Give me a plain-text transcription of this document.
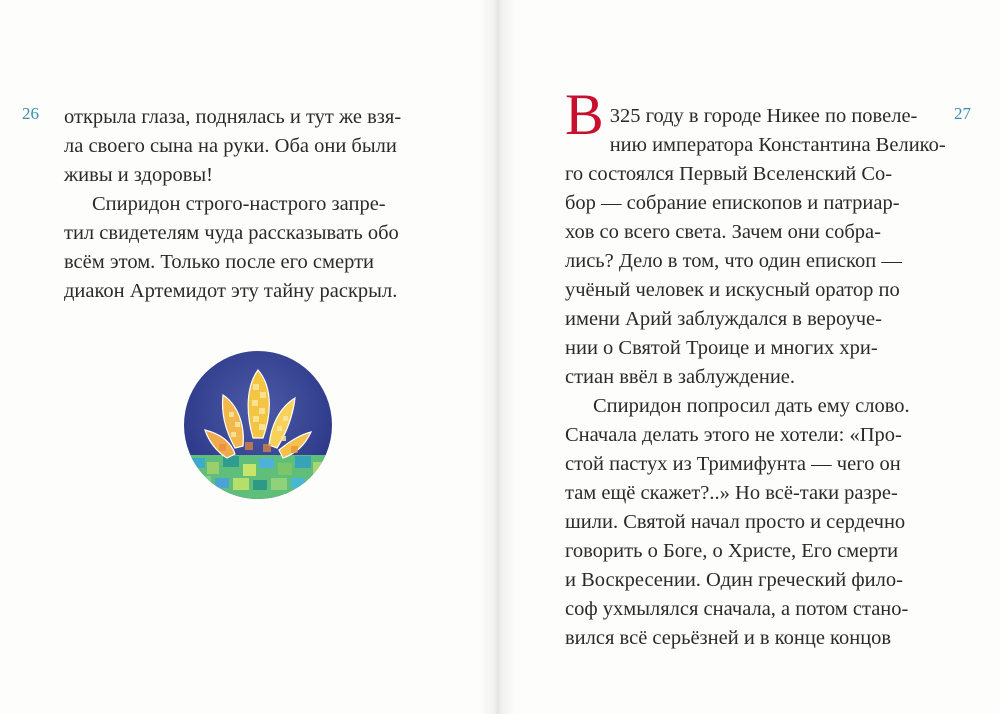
26 открыла глаза, поднялась и тут же взя-
ла своего сына на руки. Оба они были
живы и здоровы!

Спиридон строго-настрого запре-
тил свидетелям чуда рассказывать обо
всём этом. Только после его смерти
диакон Артемидот эту тайну раскрыл.

27

В 325 году в городе Никее по повеле-
нию императора Константина Велико-
го состоялся Первый Вселенский Со-
бор — собрание епископов и патриар-
хов со всего света. Зачем они собра-
лись? Дело в том, что один епископ —
учёный человек и искусный оратор по
имени Арий заблуждался в вероуче-
нии о Святой Троице и многих хри-
стиан ввёл в заблуждение.

Спиридон попросил дать ему слово.
Сначала делать этого не хотели: «Про-
стой пастух из Тримифунта — чего он
там ещё скажет?..» Но всё-таки разре-
шили. Святой начал просто и сердечно
говорить о Боге, о Христе, Его смерти
и Воскресении. Один греческий фило-
соф ухмылялся сначала, а потом стано-
вился всё серьёзней и в конце концов
